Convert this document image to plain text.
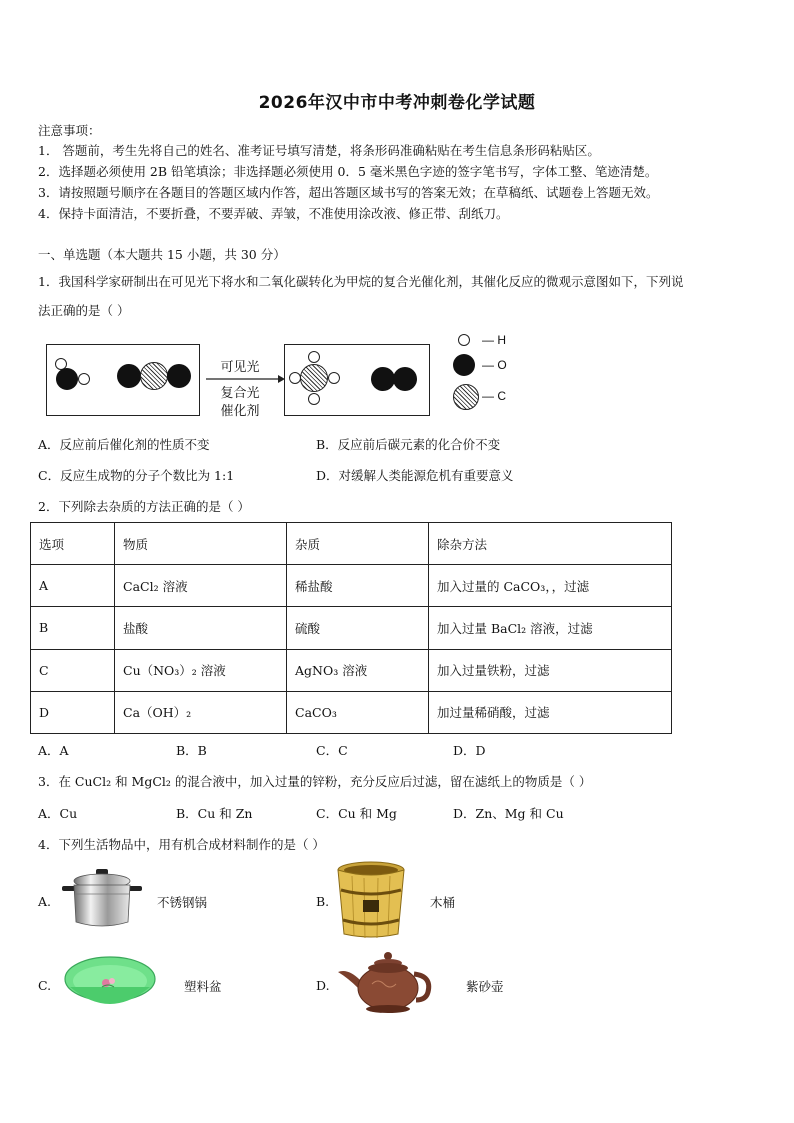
2026年汉中市中考冲刺卷化学试题
注意事项：
1． 答题前，考生先将自己的姓名、准考证号填写清楚，将条形码准确粘贴在考生信息条形码粘贴区。
2．选择题必须使用 2B 铅笔填涂；非选择题必须使用 0．5 毫米黑色字迹的签字笔书写，字体工整、笔迹清楚。
3．请按照题号顺序在各题目的答题区域内作答，超出答题区域书写的答案无效；在草稿纸、试题卷上答题无效。
4．保持卡面清洁，不要折叠，不要弄破、弄皱，不准使用涂改液、修正带、刮纸刀。
一、单选题（本大题共 15 小题，共 30 分）
1．我国科学家研制出在可见光下将水和二氧化碳转化为甲烷的复合光催化剂，其催化反应的微观示意图如下，下列说
法正确的是（ ）
可见光
复合光
催化剂
— H
— O
— C
A．反应前后催化剂的性质不变	B．反应前后碳元素的化合价不变
C．反应生成物的分子个数比为 1:1	D．对缓解人类能源危机有重要意义
2．下列除去杂质的方法正确的是（ ）
选项	物质	杂质	除杂方法
A	CaCl₂ 溶液	稀盐酸	加入过量的 CaCO₃，，过滤
B	盐酸	硫酸	加入过量 BaCl₂ 溶液，过滤
C	Cu（NO₃）₂ 溶液	AgNO₃ 溶液	加入过量铁粉，过滤
D	Ca（OH）₂	CaCO₃	加过量稀硝酸，过滤
A．A	B．B	C．C	D．D
3．在 CuCl₂ 和 MgCl₂ 的混合液中，加入过量的锌粉，充分反应后过滤，留在滤纸上的物质是（ ）
A．Cu	B．Cu 和 Zn	C．Cu 和 Mg	D．Zn、Mg 和 Cu
4．下列生活物品中，用有机合成材料制作的是（ ）
A.	不锈钢锅	B.	木桶
C.	塑料盆	D.	紫砂壶
